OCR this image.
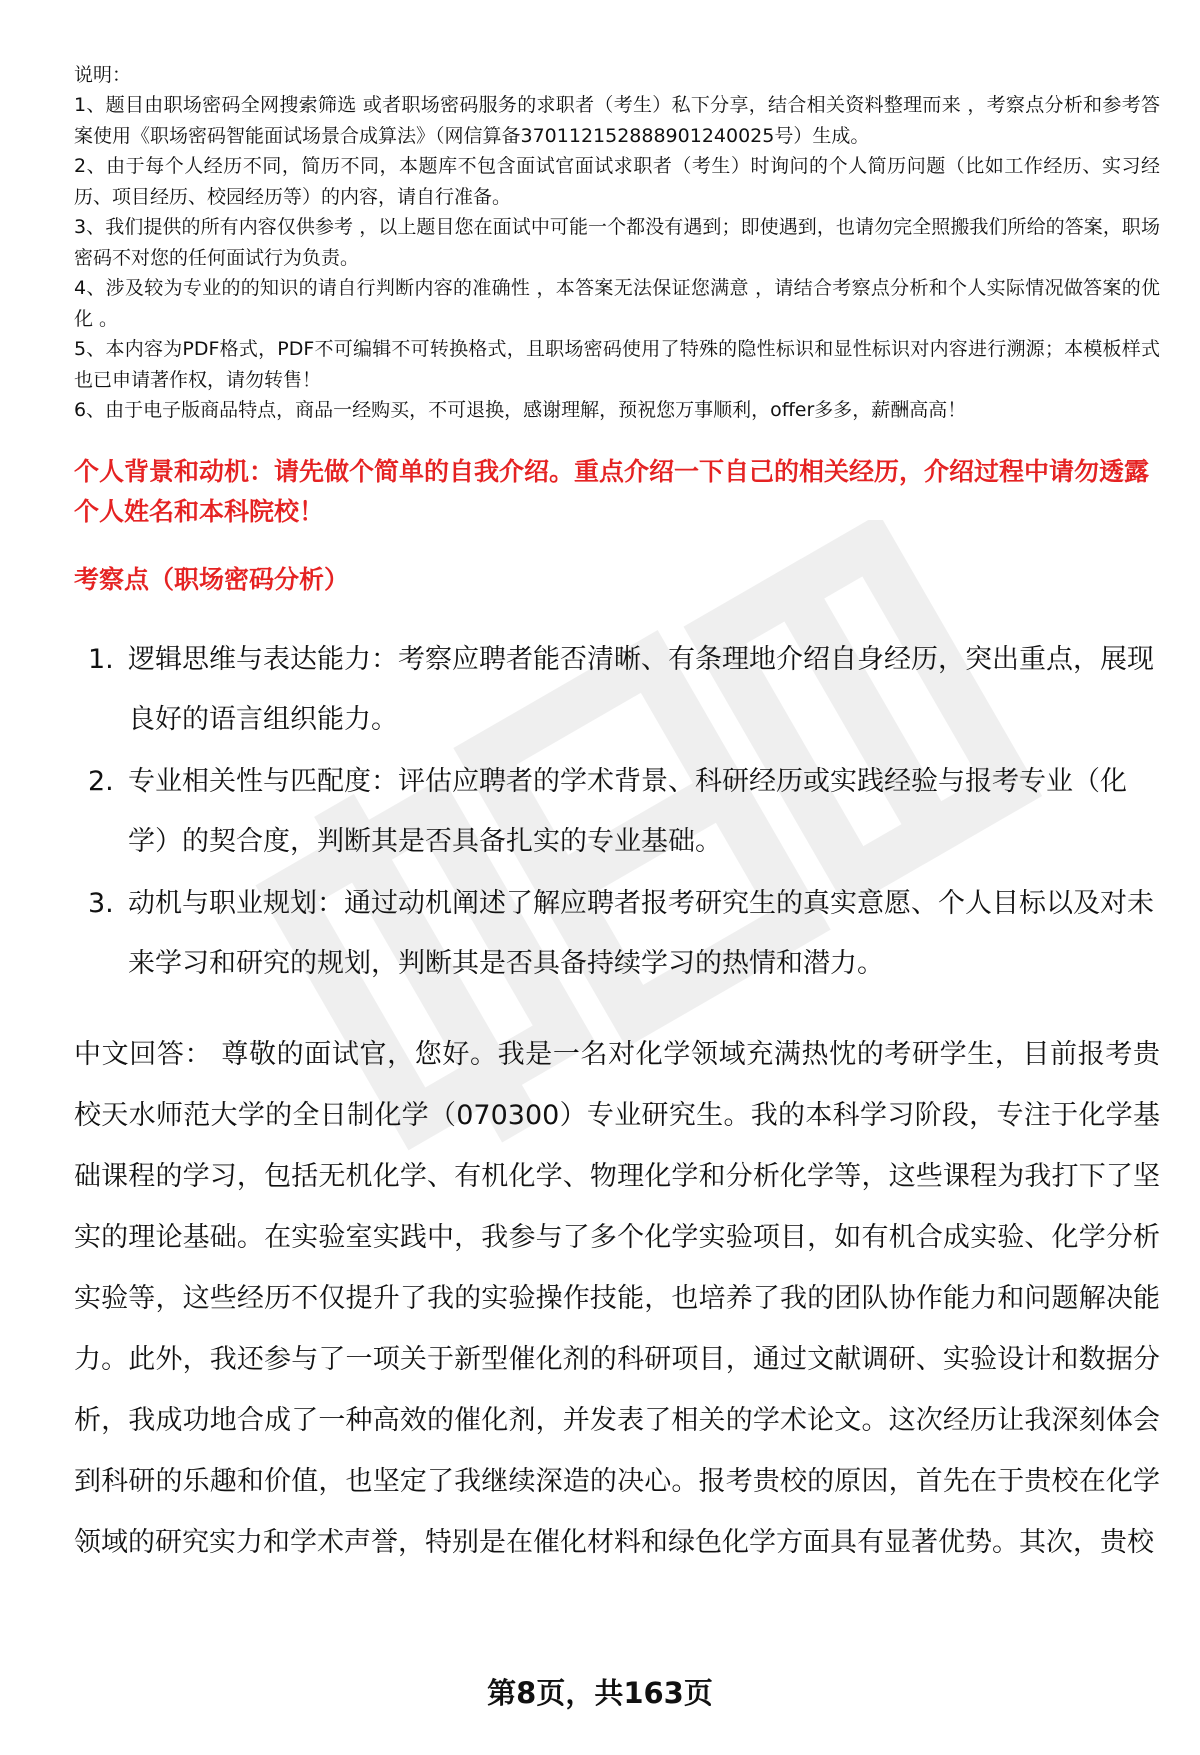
说明：

1、题目由职场密码全网搜索筛选 或者职场密码服务的求职者（考生）私下分享，结合相关资料整理而来 ，考察点分析和参考答案使用《职场密码智能面试场景合成算法》（网信算备370112152888901240025号）生成。

2、由于每个人经历不同，简历不同，本题库不包含面试官面试求职者（考生）时询问的个人简历问题（比如工作经历、实习经历、项目经历、校园经历等）的内容，请自行准备。

3、我们提供的所有内容仅供参考 ，以上题目您在面试中可能一个都没有遇到；即使遇到，也请勿完全照搬我们所给的答案，职场密码不对您的任何面试行为负责。

4、涉及较为专业的的知识的请自行判断内容的准确性 ，本答案无法保证您满意 ，请结合考察点分析和个人实际情况做答案的优化 。

5、本内容为PDF格式，PDF不可编辑不可转换格式，且职场密码使用了特殊的隐性标识和显性标识对内容进行溯源；本模板样式也已申请著作权，请勿转售！

6、由于电子版商品特点，商品一经购买，不可退换，感谢理解，预祝您万事顺利，offer多多，薪酬高高！

个人背景和动机：请先做个简单的自我介绍。重点介绍一下自己的相关经历，介绍过程中请勿透露个人姓名和本科院校！
考察点（职场密码分析）
1. 逻辑思维与表达能力：考察应聘者能否清晰、有条理地介绍自身经历，突出重点，展现良好的语言组织能力。
2. 专业相关性与匹配度：评估应聘者的学术背景、科研经历或实践经验与报考专业（化学）的契合度，判断其是否具备扎实的专业基础。
3. 动机与职业规划：通过动机阐述了解应聘者报考研究生的真实意愿、个人目标以及对未来学习和研究的规划，判断其是否具备持续学习的热情和潜力。

中文回答： 尊敬的面试官，您好。我是一名对化学领域充满热忱的考研学生，目前报考贵校天水师范大学的全日制化学（070300）专业研究生。我的本科学习阶段，专注于化学基础课程的学习，包括无机化学、有机化学、物理化学和分析化学等，这些课程为我打下了坚实的理论基础。在实验室实践中，我参与了多个化学实验项目，如有机合成实验、化学分析实验等，这些经历不仅提升了我的实验操作技能，也培养了我的团队协作能力和问题解决能力。此外，我还参与了一项关于新型催化剂的科研项目，通过文献调研、实验设计和数据分析，我成功地合成了一种高效的催化剂，并发表了相关的学术论文。这次经历让我深刻体会到科研的乐趣和价值，也坚定了我继续深造的决心。报考贵校的原因，首先在于贵校在化学领域的研究实力和学术声誉，特别是在催化材料和绿色化学方面具有显著优势。其次，贵校

第8页，共163页
